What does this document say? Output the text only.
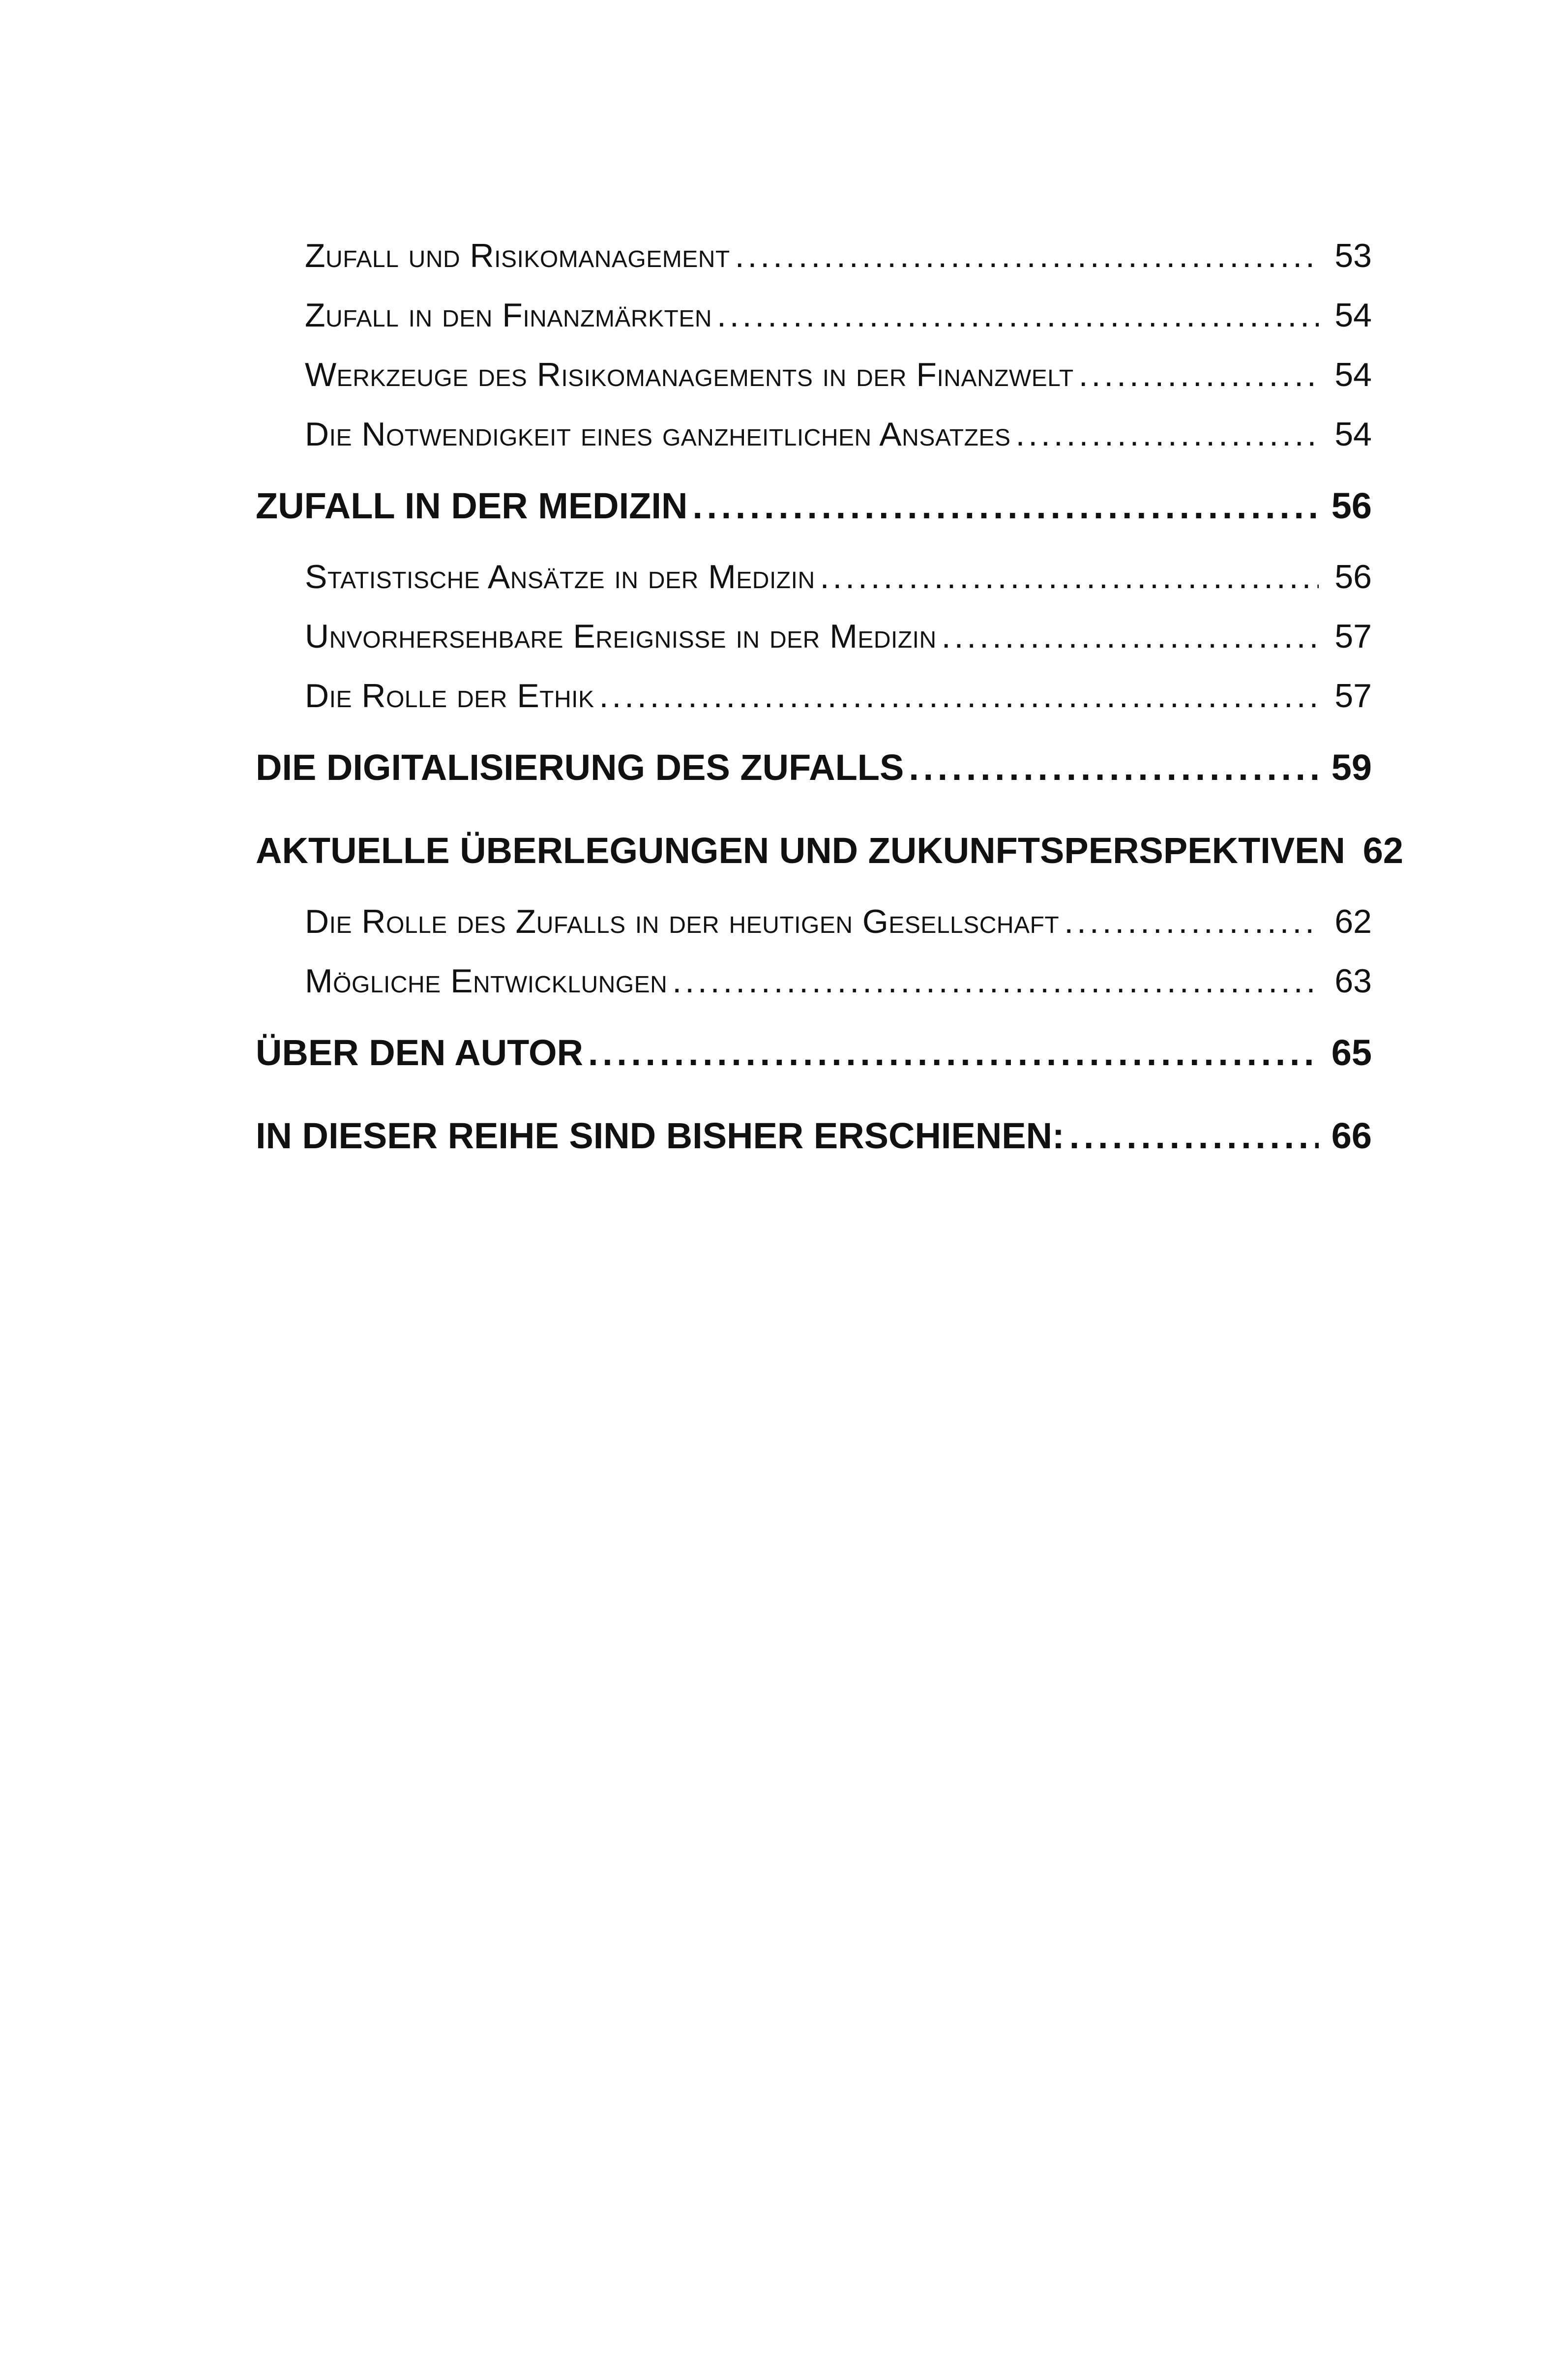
Zufall und Risikomanagement . . .	53
Zufall in den Finanzmärkten . . .	54
Werkzeuge des Risikomanagements in der Finanzwelt . . .	54
Die Notwendigkeit eines ganzheitlichen Ansatzes . . .	54
ZUFALL IN DER MEDIZIN . . .	56
Statistische Ansätze in der Medizin . . .	56
Unvorhersehbare Ereignisse in der Medizin . . .	57
Die Rolle der Ethik . . .	57
DIE DIGITALISIERUNG DES ZUFALLS . . .	59
AKTUELLE ÜBERLEGUNGEN UND ZUKUNFTSPERSPEKTIVEN 62
Die Rolle des Zufalls in der heutigen Gesellschaft . . .	62
Mögliche Entwicklungen . . .	63
ÜBER DEN AUTOR . . .	65
IN DIESER REIHE SIND BISHER ERSCHIENEN: . . .	66
